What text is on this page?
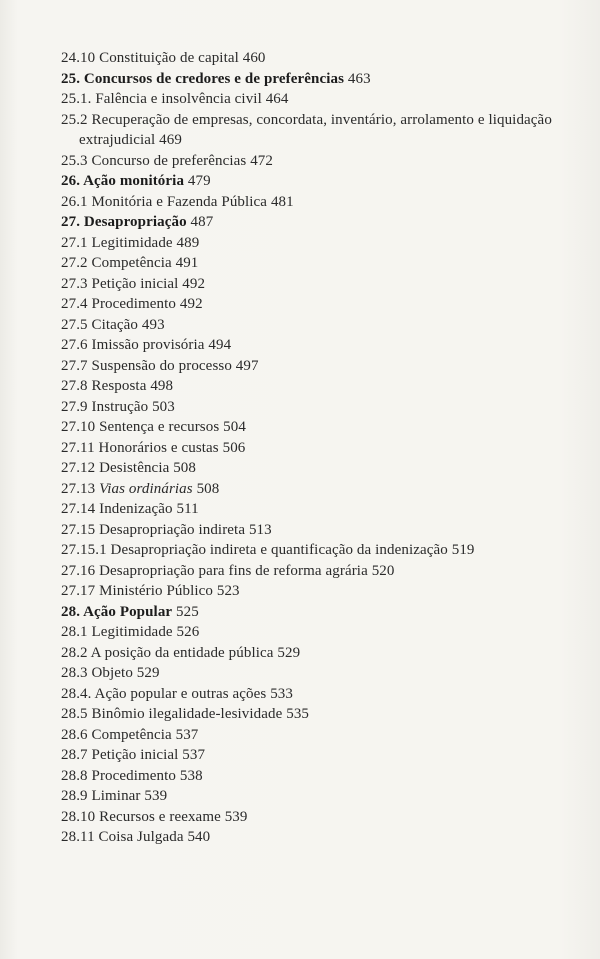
24.10 Constituição de capital 460
25. Concursos de credores e de preferências 463
25.1. Falência e insolvência civil 464
25.2 Recuperação de empresas, concordata, inventário, arrolamento e liquidação extrajudicial 469
25.3 Concurso de preferências 472
26. Ação monitória 479
26.1 Monitória e Fazenda Pública 481
27. Desapropriação 487
27.1 Legitimidade 489
27.2 Competência 491
27.3 Petição inicial 492
27.4 Procedimento 492
27.5 Citação 493
27.6 Imissão provisória 494
27.7 Suspensão do processo 497
27.8 Resposta 498
27.9 Instrução 503
27.10 Sentença e recursos 504
27.11 Honorários e custas 506
27.12 Desistência 508
27.13 Vias ordinárias 508
27.14 Indenização 511
27.15 Desapropriação indireta 513
27.15.1 Desapropriação indireta e quantificação da indenização 519
27.16 Desapropriação para fins de reforma agrária 520
27.17 Ministério Público 523
28. Ação Popular 525
28.1 Legitimidade 526
28.2 A posição da entidade pública 529
28.3 Objeto 529
28.4. Ação popular e outras ações 533
28.5 Binômio ilegalidade-lesividade 535
28.6 Competência 537
28.7 Petição inicial 537
28.8 Procedimento 538
28.9 Liminar 539
28.10 Recursos e reexame 539
28.11 Coisa Julgada 540
